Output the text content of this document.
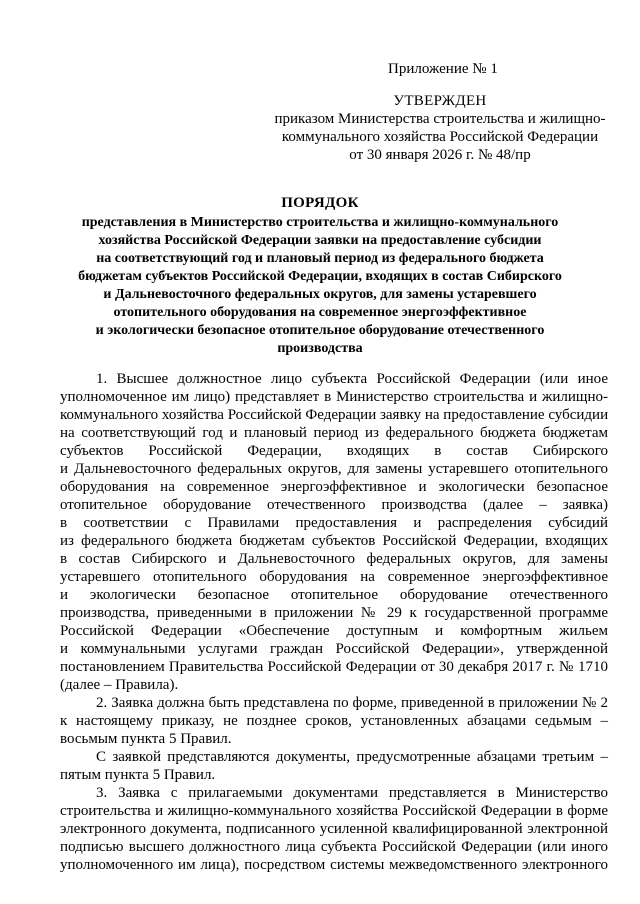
Приложение № 1
УТВЕРЖДЕН
приказом Министерства строительства и жилищно-
коммунального хозяйства Российской Федерации
от 30 января 2026 г. № 48/пр
ПОРЯДОК
представления в Министерство строительства и жилищно-коммунального
хозяйства Российской Федерации заявки на предоставление субсидии
на соответствующий год и плановый период из федерального бюджета
бюджетам субъектов Российской Федерации, входящих в состав Сибирского
и Дальневосточного федеральных округов, для замены устаревшего
отопительного оборудования на современное энергоэффективное
и экологически безопасное отопительное оборудование отечественного
производства
1. Высшее должностное лицо субъекта Российской Федерации (или иное
уполномоченное им лицо) представляет в Министерство строительства и жилищно-
коммунального хозяйства Российской Федерации заявку на предоставление субсидии
на соответствующий год и плановый период из федерального бюджета бюджетам
субъектов Российской Федерации, входящих в состав Сибирского
и Дальневосточного федеральных округов, для замены устаревшего отопительного
оборудования на современное энергоэффективное и экологически безопасное
отопительное оборудование отечественного производства (далее – заявка)
в соответствии с Правилами предоставления и распределения субсидий
из федерального бюджета бюджетам субъектов Российской Федерации, входящих
в состав Сибирского и Дальневосточного федеральных округов, для замены
устаревшего отопительного оборудования на современное энергоэффективное
и экологически безопасное отопительное оборудование отечественного
производства, приведенными в приложении № 29 к государственной программе
Российской Федерации «Обеспечение доступным и комфортным жильем
и коммунальными услугами граждан Российской Федерации», утвержденной
постановлением Правительства Российской Федерации от 30 декабря 2017 г. № 1710
(далее – Правила).
2. Заявка должна быть представлена по форме, приведенной в приложении № 2
к настоящему приказу, не позднее сроков, установленных абзацами седьмым –
восьмым пункта 5 Правил.
С заявкой представляются документы, предусмотренные абзацами третьим –
пятым пункта 5 Правил.
3. Заявка с прилагаемыми документами представляется в Министерство
строительства и жилищно-коммунального хозяйства Российской Федерации в форме
электронного документа, подписанного усиленной квалифицированной электронной
подписью высшего должностного лица субъекта Российской Федерации (или иного
уполномоченного им лица), посредством системы межведомственного электронного
